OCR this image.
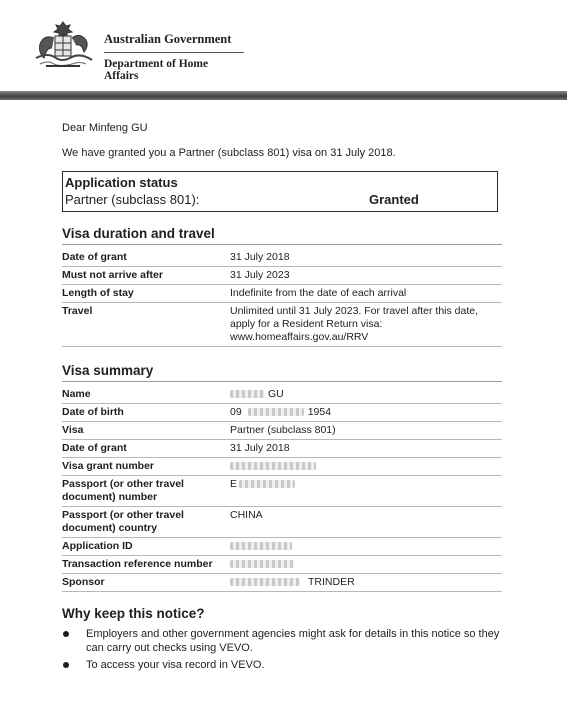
Australian Government
Department of Home Affairs

Dear Minfeng GU

We have granted you a Partner (subclass 801) visa on 31 July 2018.

Application status
Partner (subclass 801):	Granted
Visa duration and travel
Date of grant	31 July 2018
Must not arrive after	31 July 2023
Length of stay	Indefinite from the date of each arrival
Travel	Unlimited until 31 July 2023. For travel after this date, apply for a Resident Return visa: www.homeaffairs.gov.au/RRV
Visa summary
Name	GU
Date of birth	09 1954
Visa	Partner (subclass 801)
Date of grant	31 July 2018
Visa grant number	
Passport (or other travel document) number	E
Passport (or other travel document) country	CHINA
Application ID	
Transaction reference number	
Sponsor	TRINDER
Why keep this notice?
Employers and other government agencies might ask for details in this notice so they can carry out checks using VEVO.
To access your visa record in VEVO.
